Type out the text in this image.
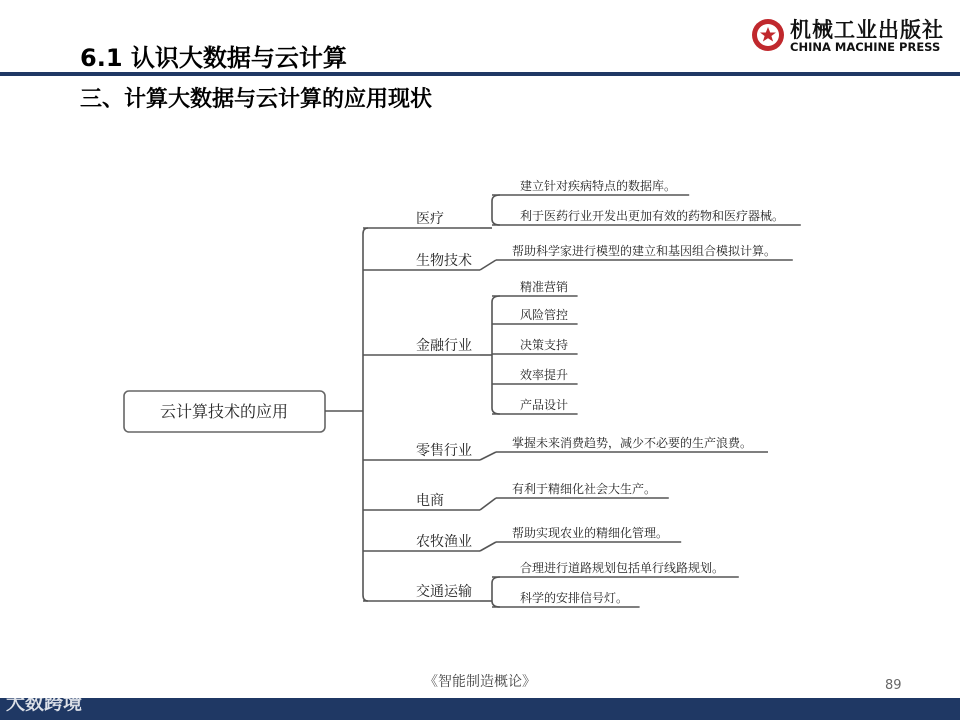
6.1 认识大数据与云计算
三、计算大数据与云计算的应用现状
机械工业出版社
CHINA MACHINE PRESS
云计算技术的应用
医疗
建立针对疾病特点的数据库。
利于医药行业开发出更加有效的药物和医疗器械。
生物技术
帮助科学家进行模型的建立和基因组合模拟计算。
金融行业
精准营销
风险管控
决策支持
效率提升
产品设计
零售行业	掌握未来消费趋势，减少不必要的生产浪费。
电商
有利于精细化社会大生产。
农牧渔业
帮助实现农业的精细化管理。
交通运输
合理进行道路规划包括单行线路规划。
科学的安排信号灯。
《智能制造概论》	89
大数跨境
